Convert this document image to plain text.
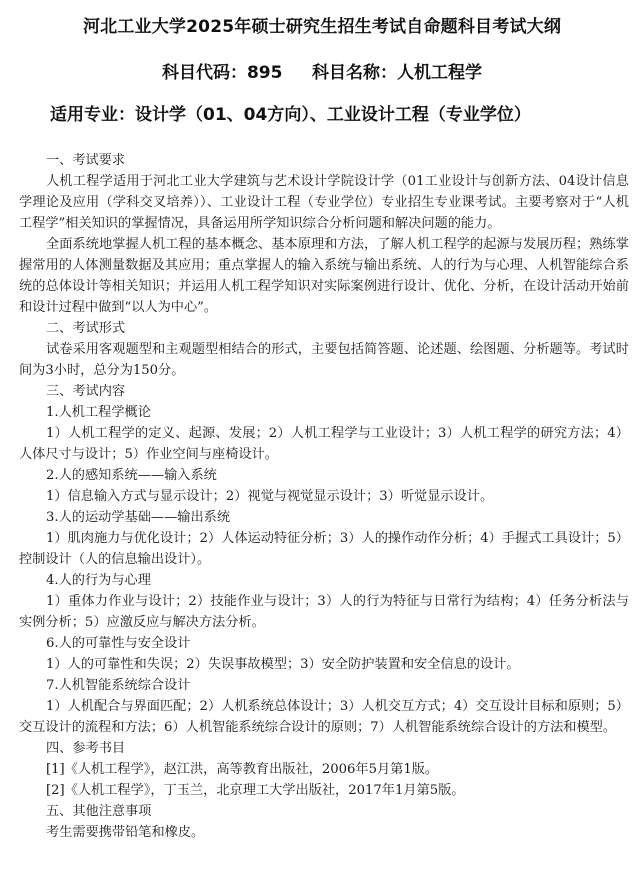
河北工业大学2025年硕士研究生招生考试自命题科目考试大纲
科目代码：895     科目名称：人机工程学
适用专业：设计学（01、04方向）、工业设计工程（专业学位）

一、考试要求

人机工程学适用于河北工业大学建筑与艺术设计学院设计学（01工业设计与创新方法、04设计信息学理论及应用（学科交叉培养））、工业设计工程（专业学位）专业招生专业课考试。主要考察对于“人机工程学”相关知识的掌握情况，具备运用所学知识综合分析问题和解决问题的能力。

全面系统地掌握人机工程的基本概念、基本原理和方法，了解人机工程学的起源与发展历程；熟练掌握常用的人体测量数据及其应用；重点掌握人的输入系统与输出系统、人的行为与心理、人机智能综合系统的总体设计等相关知识；并运用人机工程学知识对实际案例进行设计、优化、分析，在设计活动开始前和设计过程中做到“以人为中心”。

二、考试形式

试卷采用客观题型和主观题型相结合的形式，主要包括简答题、论述题、绘图题、分析题等。考试时间为3小时，总分为150分。

三、考试内容

1.人机工程学概论

1）人机工程学的定义、起源、发展；2）人机工程学与工业设计；3）人机工程学的研究方法；4）人体尺寸与设计；5）作业空间与座椅设计。

2.人的感知系统——输入系统

1）信息输入方式与显示设计；2）视觉与视觉显示设计；3）听觉显示设计。

3.人的运动学基础——输出系统

1）肌肉施力与优化设计；2）人体运动特征分析；3）人的操作动作分析；4）手握式工具设计；5）控制设计（人的信息输出设计）。

4.人的行为与心理

1）重体力作业与设计；2）技能作业与设计；3）人的行为特征与日常行为结构；4）任务分析法与实例分析；5）应激反应与解决方法分析。

6.人的可靠性与安全设计

1）人的可靠性和失误；2）失误事故模型；3）安全防护装置和安全信息的设计。

7.人机智能系统综合设计

1）人机配合与界面匹配；2）人机系统总体设计；3）人机交互方式；4）交互设计目标和原则；5）交互设计的流程和方法；6）人机智能系统综合设计的原则；7）人机智能系统综合设计的方法和模型。

四、参考书目

[1]《人机工程学》，赵江洪，高等教育出版社，2006年5月第1版。

[2]《人机工程学》，丁玉兰，北京理工大学出版社，2017年1月第5版。

五、其他注意事项

考生需要携带铅笔和橡皮。
